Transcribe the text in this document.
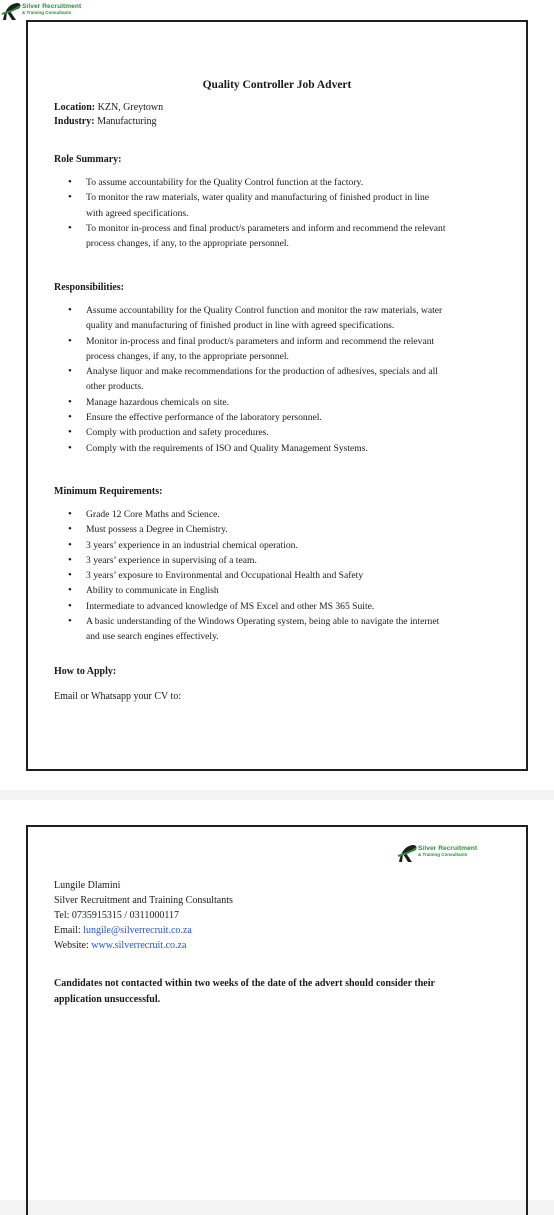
Silver Recruitment
& Training Consultants
Quality Controller Job Advert
Location: KZN, Greytown
Industry: Manufacturing
Role Summary:
• To assume accountability for the Quality Control function at the factory.
• To monitor the raw materials, water quality and manufacturing of finished product in line
with agreed specifications.
• To monitor in-process and final product/s parameters and inform and recommend the relevant
process changes, if any, to the appropriate personnel.
Responsibilities:
• Assume accountability for the Quality Control function and monitor the raw materials, water
quality and manufacturing of finished product in line with agreed specifications.
• Monitor in-process and final product/s parameters and inform and recommend the relevant
process changes, if any, to the appropriate personnel.
• Analyse liquor and make recommendations for the production of adhesives, specials and all
other products.
• Manage hazardous chemicals on site.
• Ensure the effective performance of the laboratory personnel.
• Comply with production and safety procedures.
• Comply with the requirements of ISO and Quality Management Systems.
Minimum Requirements:
• Grade 12 Core Maths and Science.
• Must possess a Degree in Chemistry.
• 3 years’ experience in an industrial chemical operation.
• 3 years’ experience in supervising of a team.
• 3 years’ exposure to Environmental and Occupational Health and Safety
• Ability to communicate in English
• Intermediate to advanced knowledge of MS Excel and other MS 365 Suite.
• A basic understanding of the Windows Operating system, being able to navigate the internet
and use search engines effectively.
How to Apply:
Email or Whatsapp your CV to:
Silver Recruitment
& Training Consultants
Lungile Dlamini
Silver Recruitment and Training Consultants
Tel: 0735915315 / 0311000117
Email: lungile@silverrecruit.co.za
Website: www.silverrecruit.co.za
Candidates not contacted within two weeks of the date of the advert should consider their
application unsuccessful.
